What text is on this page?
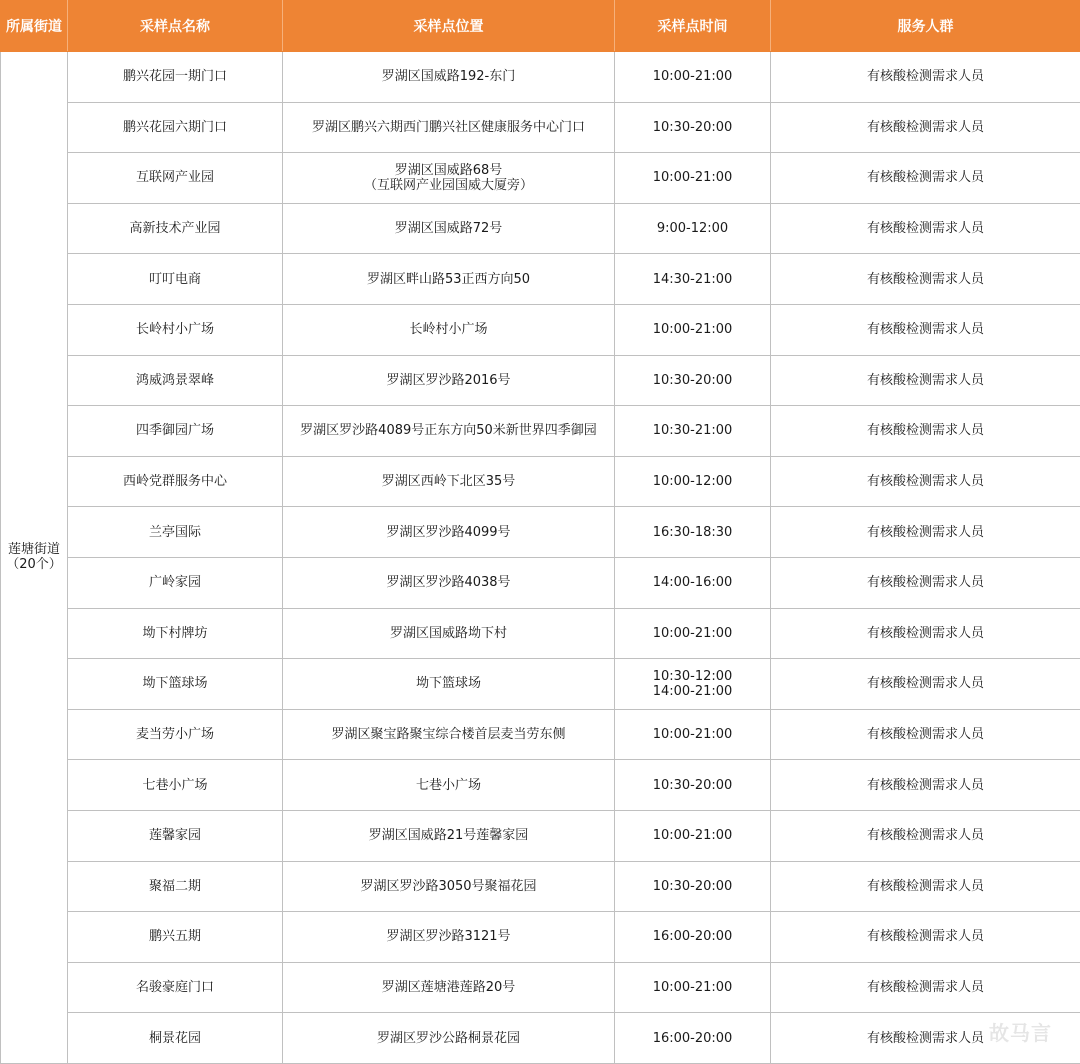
所属街道	采样点名称	采样点位置	采样点时间	服务人群

莲塘街道
（20个）	鹏兴花园一期门口	罗湖区国威路192-东门	10:00-21:00	有核酸检测需求人员
	鹏兴花园六期门口	罗湖区鹏兴六期西门鹏兴社区健康服务中心门口	10:30-20:00	有核酸检测需求人员
	互联网产业园	罗湖区国威路68号
（互联网产业园国威大厦旁）	10:00-21:00	有核酸检测需求人员
	高新技术产业园	罗湖区国威路72号	9:00-12:00	有核酸检测需求人员
	叮叮电商	罗湖区畔山路53正西方向50	14:30-21:00	有核酸检测需求人员
	长岭村小广场	长岭村小广场	10:00-21:00	有核酸检测需求人员
	鸿威鸿景翠峰	罗湖区罗沙路2016号	10:30-20:00	有核酸检测需求人员
	四季御园广场	罗湖区罗沙路4089号正东方向50米新世界四季御园	10:30-21:00	有核酸检测需求人员
	西岭党群服务中心	罗湖区西岭下北区35号	10:00-12:00	有核酸检测需求人员
	兰亭国际	罗湖区罗沙路4099号	16:30-18:30	有核酸检测需求人员
	广岭家园	罗湖区罗沙路4038号	14:00-16:00	有核酸检测需求人员
	坳下村牌坊	罗湖区国威路坳下村	10:00-21:00	有核酸检测需求人员
	坳下篮球场	坳下篮球场	10:30-12:00
14:00-21:00	有核酸检测需求人员
	麦当劳小广场	罗湖区聚宝路聚宝综合楼首层麦当劳东侧	10:00-21:00	有核酸检测需求人员
	七巷小广场	七巷小广场	10:30-20:00	有核酸检测需求人员
	莲馨家园	罗湖区国威路21号莲馨家园	10:00-21:00	有核酸检测需求人员
	聚福二期	罗湖区罗沙路3050号聚福花园	10:30-20:00	有核酸检测需求人员
	鹏兴五期	罗湖区罗沙路3121号	16:00-20:00	有核酸检测需求人员
	名骏豪庭门口	罗湖区莲塘港莲路20号	10:00-21:00	有核酸检测需求人员
	桐景花园	罗湖区罗沙公路桐景花园	16:00-20:00	有核酸检测需求人员 故马言
